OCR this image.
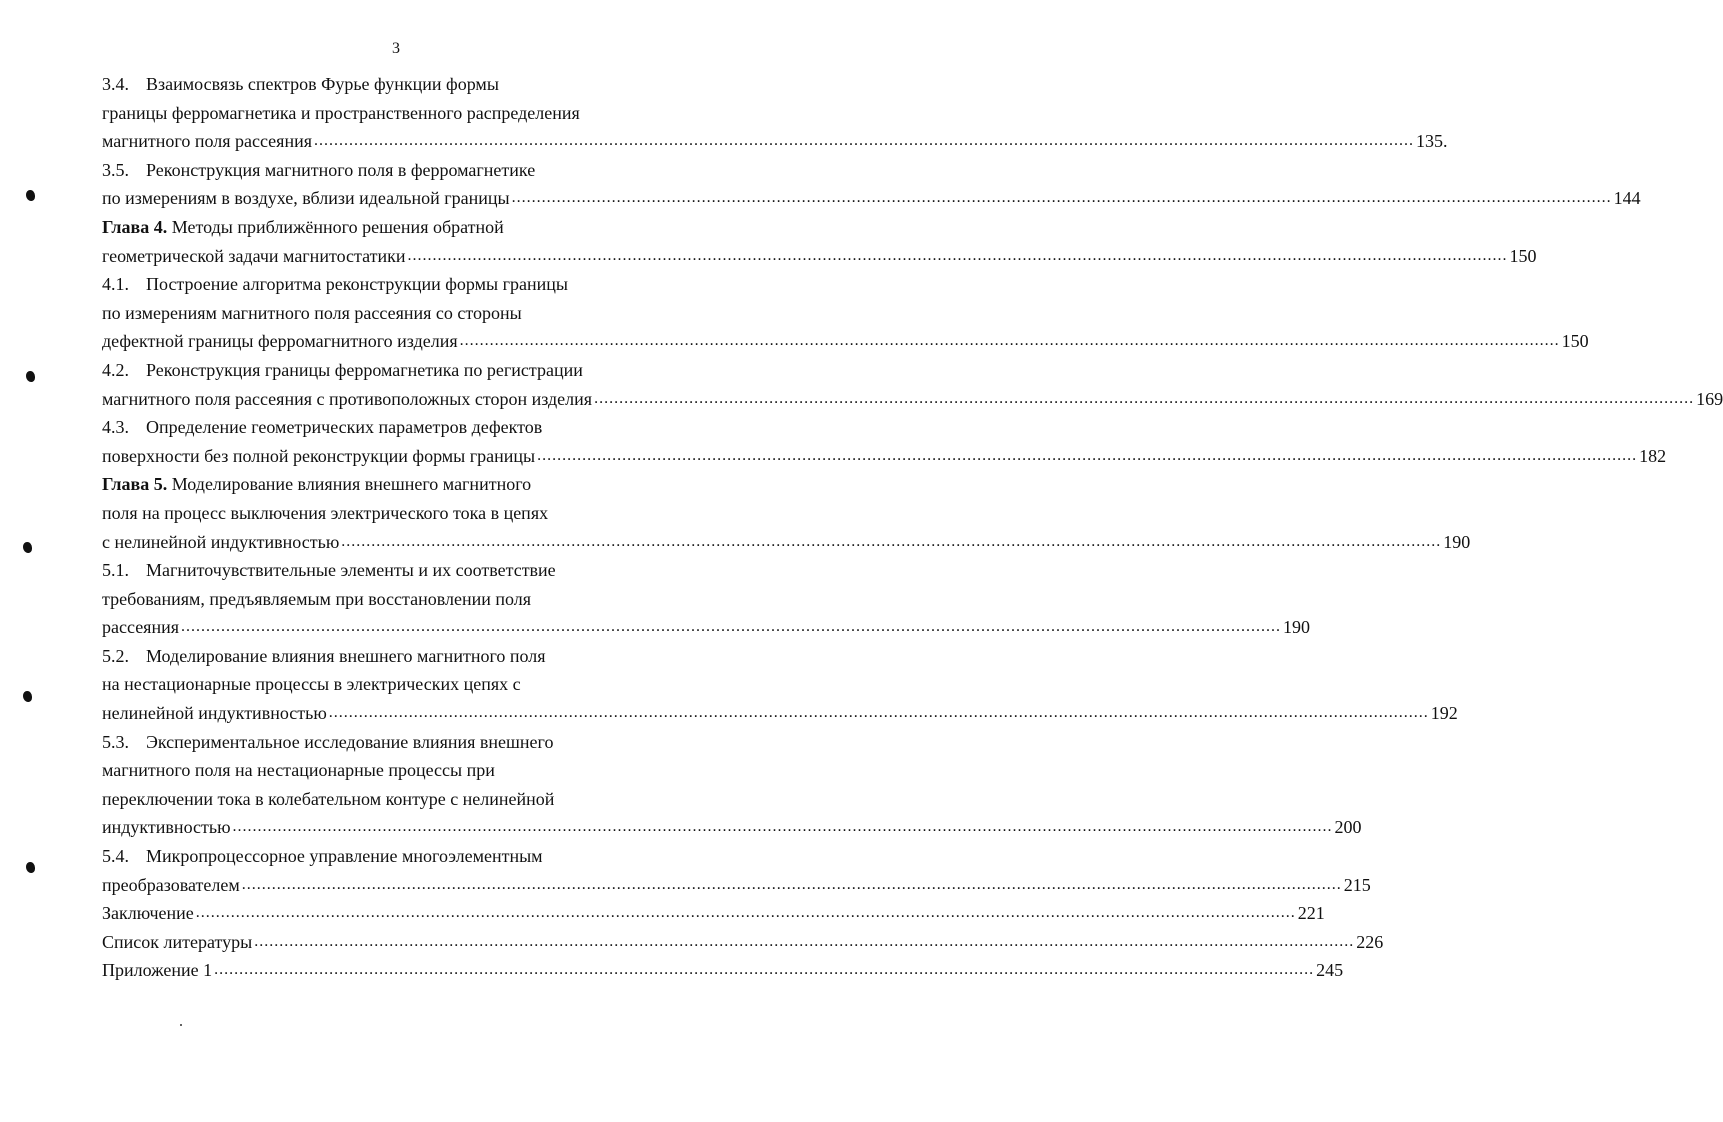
3
3.4. Взаимосвязь спектров Фурье функции формы
границы ферромагнетика и пространственного распределения
магнитного поля рассеяния ............................................................................................................................................................................................................................ 135.
3.5. Реконструкция магнитного поля в ферромагнетике
по измерениям в воздухе, вблизи идеальной границы ............................................................................................................................................................................................................................ 144
Глава 4. Методы приближённого решения обратной
геометрической задачи магнитостатики ............................................................................................................................................................................................................................ 150
4.1. Построение алгоритма реконструкции формы границы
по измерениям магнитного поля рассеяния со стороны
дефектной границы ферромагнитного изделия ............................................................................................................................................................................................................................ 150
4.2. Реконструкция границы ферромагнетика по регистрации
магнитного поля рассеяния с противоположных сторон изделия ............................................................................................................................................................................................................................ 169
4.3. Определение геометрических параметров дефектов
поверхности без полной реконструкции формы границы ............................................................................................................................................................................................................................ 182
Глава 5. Моделирование влияния внешнего магнитного
поля на процесс выключения электрического тока в цепях
с нелинейной индуктивностью ............................................................................................................................................................................................................................ 190
5.1. Магниточувствительные элементы и их соответствие
требованиям, предъявляемым при восстановлении поля
рассеяния ............................................................................................................................................................................................................................ 190
5.2. Моделирование влияния внешнего магнитного поля
на нестационарные процессы в электрических цепях с
нелинейной индуктивностью ............................................................................................................................................................................................................................ 192
5.3. Экспериментальное исследование влияния внешнего
магнитного поля на нестационарные процессы при
переключении тока в колебательном контуре с нелинейной
индуктивностью ............................................................................................................................................................................................................................ 200
5.4. Микропроцессорное управление многоэлементным
преобразователем ............................................................................................................................................................................................................................ 215
Заключение ............................................................................................................................................................................................................................ 221
Список литературы ............................................................................................................................................................................................................................ 226
Приложение 1 ............................................................................................................................................................................................................................ 245
